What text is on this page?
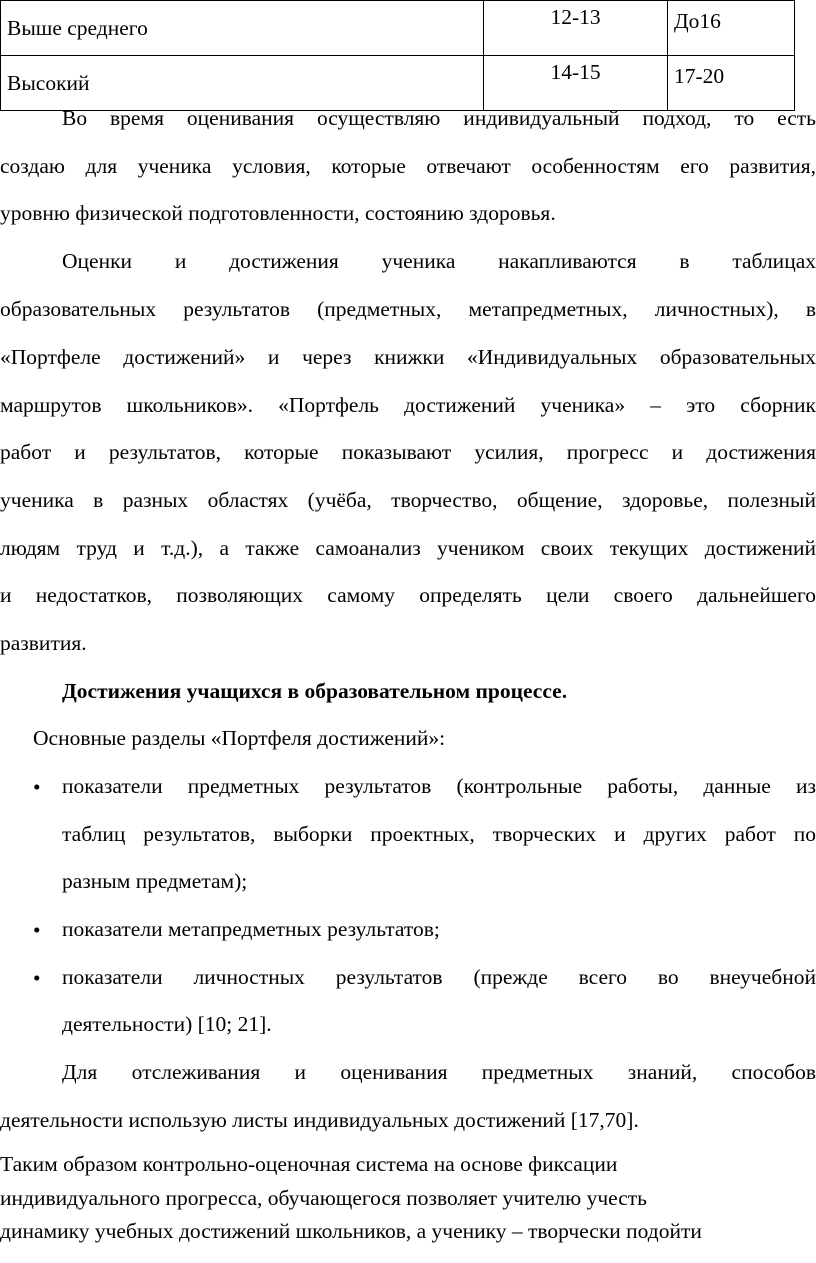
Выше среднего	12-13	До16
Высокий	14-15	17-20
Во время оценивания осуществляю индивидуальный подход, то есть
создаю для ученика условия, которые отвечают особенностям его развития,
уровню физической подготовленности, состоянию здоровья.
Оценки и достижения ученика накапливаются в таблицах
образовательных результатов (предметных, метапредметных, личностных), в
«Портфеле достижений» и через книжки «Индивидуальных образовательных
маршрутов школьников». «Портфель достижений ученика» – это сборник
работ и результатов, которые показывают усилия, прогресс и достижения
ученика в разных областях (учёба, творчество, общение, здоровье, полезный
людям труд и т.д.), а также самоанализ учеником своих текущих достижений
и недостатков, позволяющих самому определять цели своего дальнейшего
развития.
Достижения учащихся в образовательном процессе.
Основные разделы «Портфеля достижений»:
• показатели предметных результатов (контрольные работы, данные из
таблиц результатов, выборки проектных, творческих и других работ по
разным предметам);
• показатели метапредметных результатов;
• показатели личностных результатов (прежде всего во внеучебной
деятельности) [10; 21].
Для отслеживания и оценивания предметных знаний, способов
деятельности использую листы индивидуальных достижений [17,70].
Таким образом контрольно-оценочная система на основе фиксации
индивидуального прогресса, обучающегося позволяет учителю учесть
динамику учебных достижений школьников, а ученику – творчески подойти
